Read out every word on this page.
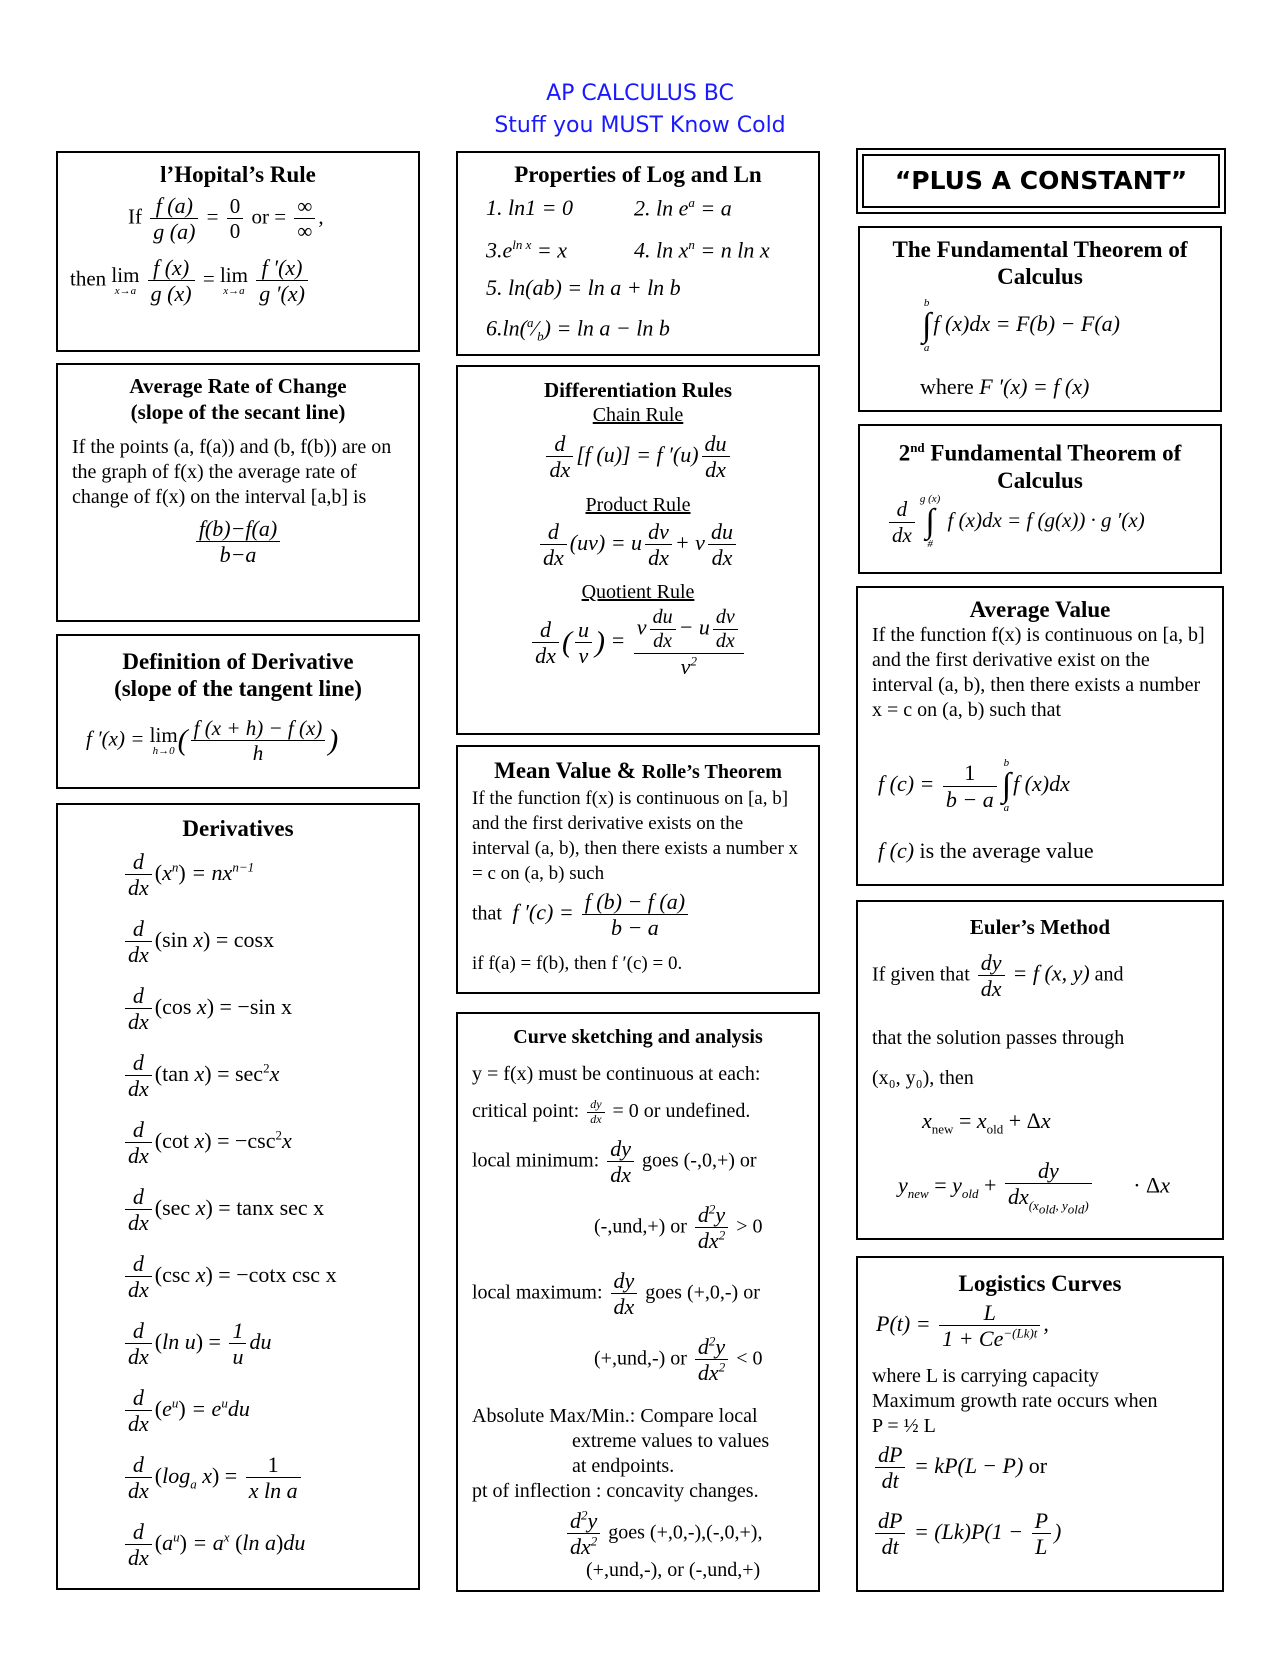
AP CALCULUS BC
Stuff you MUST Know Cold
l’Hopital’s Rule
If $\frac{f (a)}{g (a)} = \frac{0}{0}$ or = $\frac{\infty}{\infty}$ ,
then lim
x→a
$\frac{f (x)}{g (x)} = \lim$
x→a
$\frac{f '(x)}{g '(x)}$
Average Rate of Change
(slope of the secant line)
If the points (a, f(a)) and (b, f(b)) are on the graph of f(x) the average rate of change of f(x) on the interval [a,b] is
$\frac{f(b)-f(a)}{b-a}$
Definition of Derivative
(slope of the tangent line)
f ′(x) = lim
h→0 ( $\frac{f (x + h) - f (x)}{h}$ )
Derivatives
$\frac{d}{dx} (x^n) = nx^{n-1}$
$\frac{d}{dx} (\sin$ x) = cosx
$\frac{d}{dx} (\cos$ x) = −sin x
$\frac{d}{dx} (\tan$ $x) = \sec^2x$
$\frac{d}{dx} (\cot$ $x) = -\csc^2x$
$\frac{d}{dx} (\sec$ x) = tanx sec x
$\frac{d}{dx} (\csc$ x) = −cotx csc x
$\frac{d}{dx} (\ln$ $u) = \frac{1}{u}$ du
$\frac{d}{dx} (e^u) = e^udu$
$\frac{d}{dx} (\log_a$ $x) = \frac{1}{\text{x ln a}}$
$\frac{d}{dx} (a^u) = a^x$ (ln a)du
Properties of Log and Ln
1. ln1 = 0	2. $\ln e^a = a$
$3.e^{ln x} = x$	4. $\ln x^n = n$ ln x
5. ln(ab) = ln a + ln b
$6.\ln(^a⁄_b) = \ln a - \ln b$
Differentiation Rules
Chain Rule
$\frac{d}{dx} [f$ (u)] = f $'(u) \frac{du}{dx}$
Product Rule
$\frac{d}{dx} (uv) = u \frac{dv}{dx} + v \frac{du}{dx}$
Quotient Rule
$\frac{d}{dx}$ ( $\frac{u}{v}$ ) = $\frac{v \frac{du}{dx} - u \frac{dv}{dx}}{v^2}$
Mean Value & Rolle’s Theorem
If the function f(x) is continuous on [a, b] and the first derivative exists on the interval (a, b), then there exists a number x = c on (a, b) such
that  f $'(c) = \frac{f (b) - f (a)}{b - a}$
if f(a) = f(b), then f ′(c) = 0.
Curve sketching and analysis
y = f(x) must be continuous at each:
critical point: $\frac{dy}{dx} = 0$ or undefined.
local minimum: $\frac{dy}{dx}$ goes (-,0,+) or
(-,und,+) or $\frac{d^2y}{dx^2} > 0$
local maximum: $\frac{dy}{dx}$ goes (+,0,-) or
(+,und,-) or $\frac{d^2y}{dx^2} < 0$
Absolute Max/Min.: Compare local
extreme values to values
at endpoints.
pt of inflection : concavity changes.
$\frac{d^2y}{dx^2}$ goes (+,0,-),(-,0,+),
(+,und,-), or (-,und,+)
“PLUS A CONSTANT”
The Fundamental Theorem of
Calculus
b
∫
a
f (x)dx = F(b) − F(a)
where F ′(x) = f (x)
2nd Fundamental Theorem of
Calculus
$\frac{d}{dx}$ g (x)
∫
#
f (x)dx = f (g(x)) · g ′(x)
Average Value
If the function f(x) is continuous on [a, b] and the first derivative exist on the interval (a, b), then there exists a number x = c on (a, b) such that
f $(c) = \frac{1}{b - a}$ b
∫
a
f (x)dx
f (c) is the average value
Euler’s Method
If given that $\frac{dy}{dx} = f$ (x, y) and
that the solution passes through
(x₀, y₀), then
$x_{new} = x_{old} + \Delta x$
$y_{new} = y_{old} + \frac{dy}{dx_{(x_{old}, y_{old})}} \cdot \Delta x$
Logistics Curves
$P(t) = \frac{L}{1 + Ce^{-(Lk)t}}$ ,
where L is carrying capacity
Maximum growth rate occurs when
P = ½ L
$\frac{dP}{dt} = kP(L - P)$ or
$\frac{dP}{dt} = (Lk)P(1 - \frac{P}{L}$ )
